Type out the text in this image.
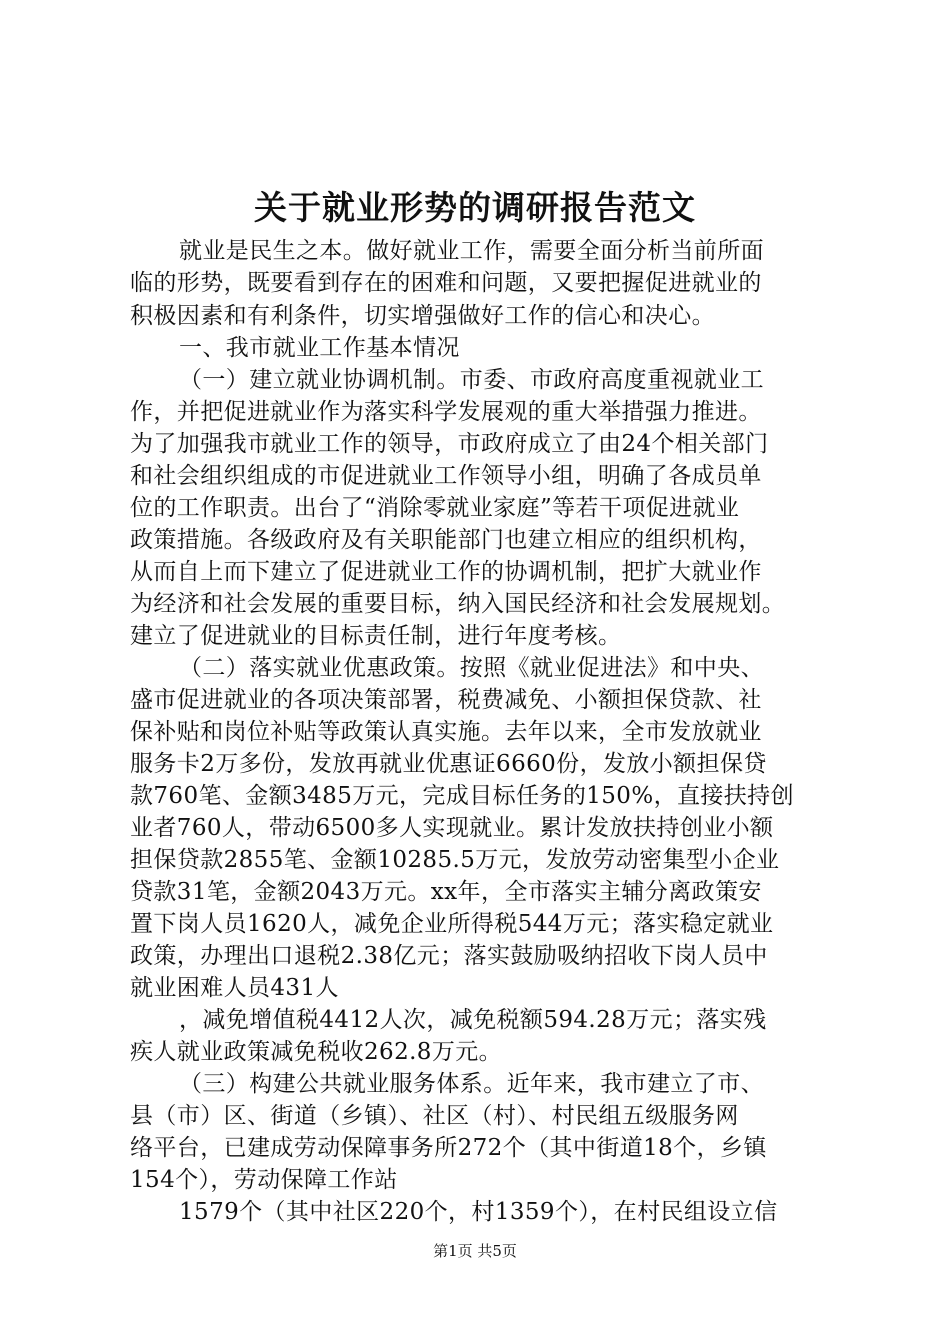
关于就业形势的调研报告范文
就业是民生之本。做好就业工作，需要全面分析当前所面
临的形势，既要看到存在的困难和问题，又要把握促进就业的
积极因素和有利条件，切实增强做好工作的信心和决心。
一、我市就业工作基本情况
（一）建立就业协调机制。市委、市政府高度重视就业工
作，并把促进就业作为落实科学发展观的重大举措强力推进。
为了加强我市就业工作的领导，市政府成立了由24个相关部门
和社会组织组成的市促进就业工作领导小组，明确了各成员单
位的工作职责。出台了“消除零就业家庭”等若干项促进就业
政策措施。各级政府及有关职能部门也建立相应的组织机构，
从而自上而下建立了促进就业工作的协调机制，把扩大就业作
为经济和社会发展的重要目标，纳入国民经济和社会发展规划。
建立了促进就业的目标责任制，进行年度考核。
（二）落实就业优惠政策。按照《就业促进法》和中央、
盛市促进就业的各项决策部署，税费减免、小额担保贷款、社
保补贴和岗位补贴等政策认真实施。去年以来，全市发放就业
服务卡2万多份，发放再就业优惠证6660份，发放小额担保贷
款760笔、金额3485万元，完成目标任务的150%，直接扶持创
业者760人，带动6500多人实现就业。累计发放扶持创业小额
担保贷款2855笔、金额10285.5万元，发放劳动密集型小企业
贷款31笔，金额2043万元。xx年，全市落实主辅分离政策安
置下岗人员1620人，减免企业所得税544万元；落实稳定就业
政策，办理出口退税2.38亿元；落实鼓励吸纳招收下岗人员中
就业困难人员431人
，减免增值税4412人次，减免税额594.28万元；落实残
疾人就业政策减免税收262.8万元。
（三）构建公共就业服务体系。近年来，我市建立了市、
县（市）区、街道（乡镇）、社区（村）、村民组五级服务网
络平台，已建成劳动保障事务所272个（其中街道18个，乡镇
154个），劳动保障工作站
1579个（其中社区220个，村1359个），在村民组设立信
第1页 共5页
